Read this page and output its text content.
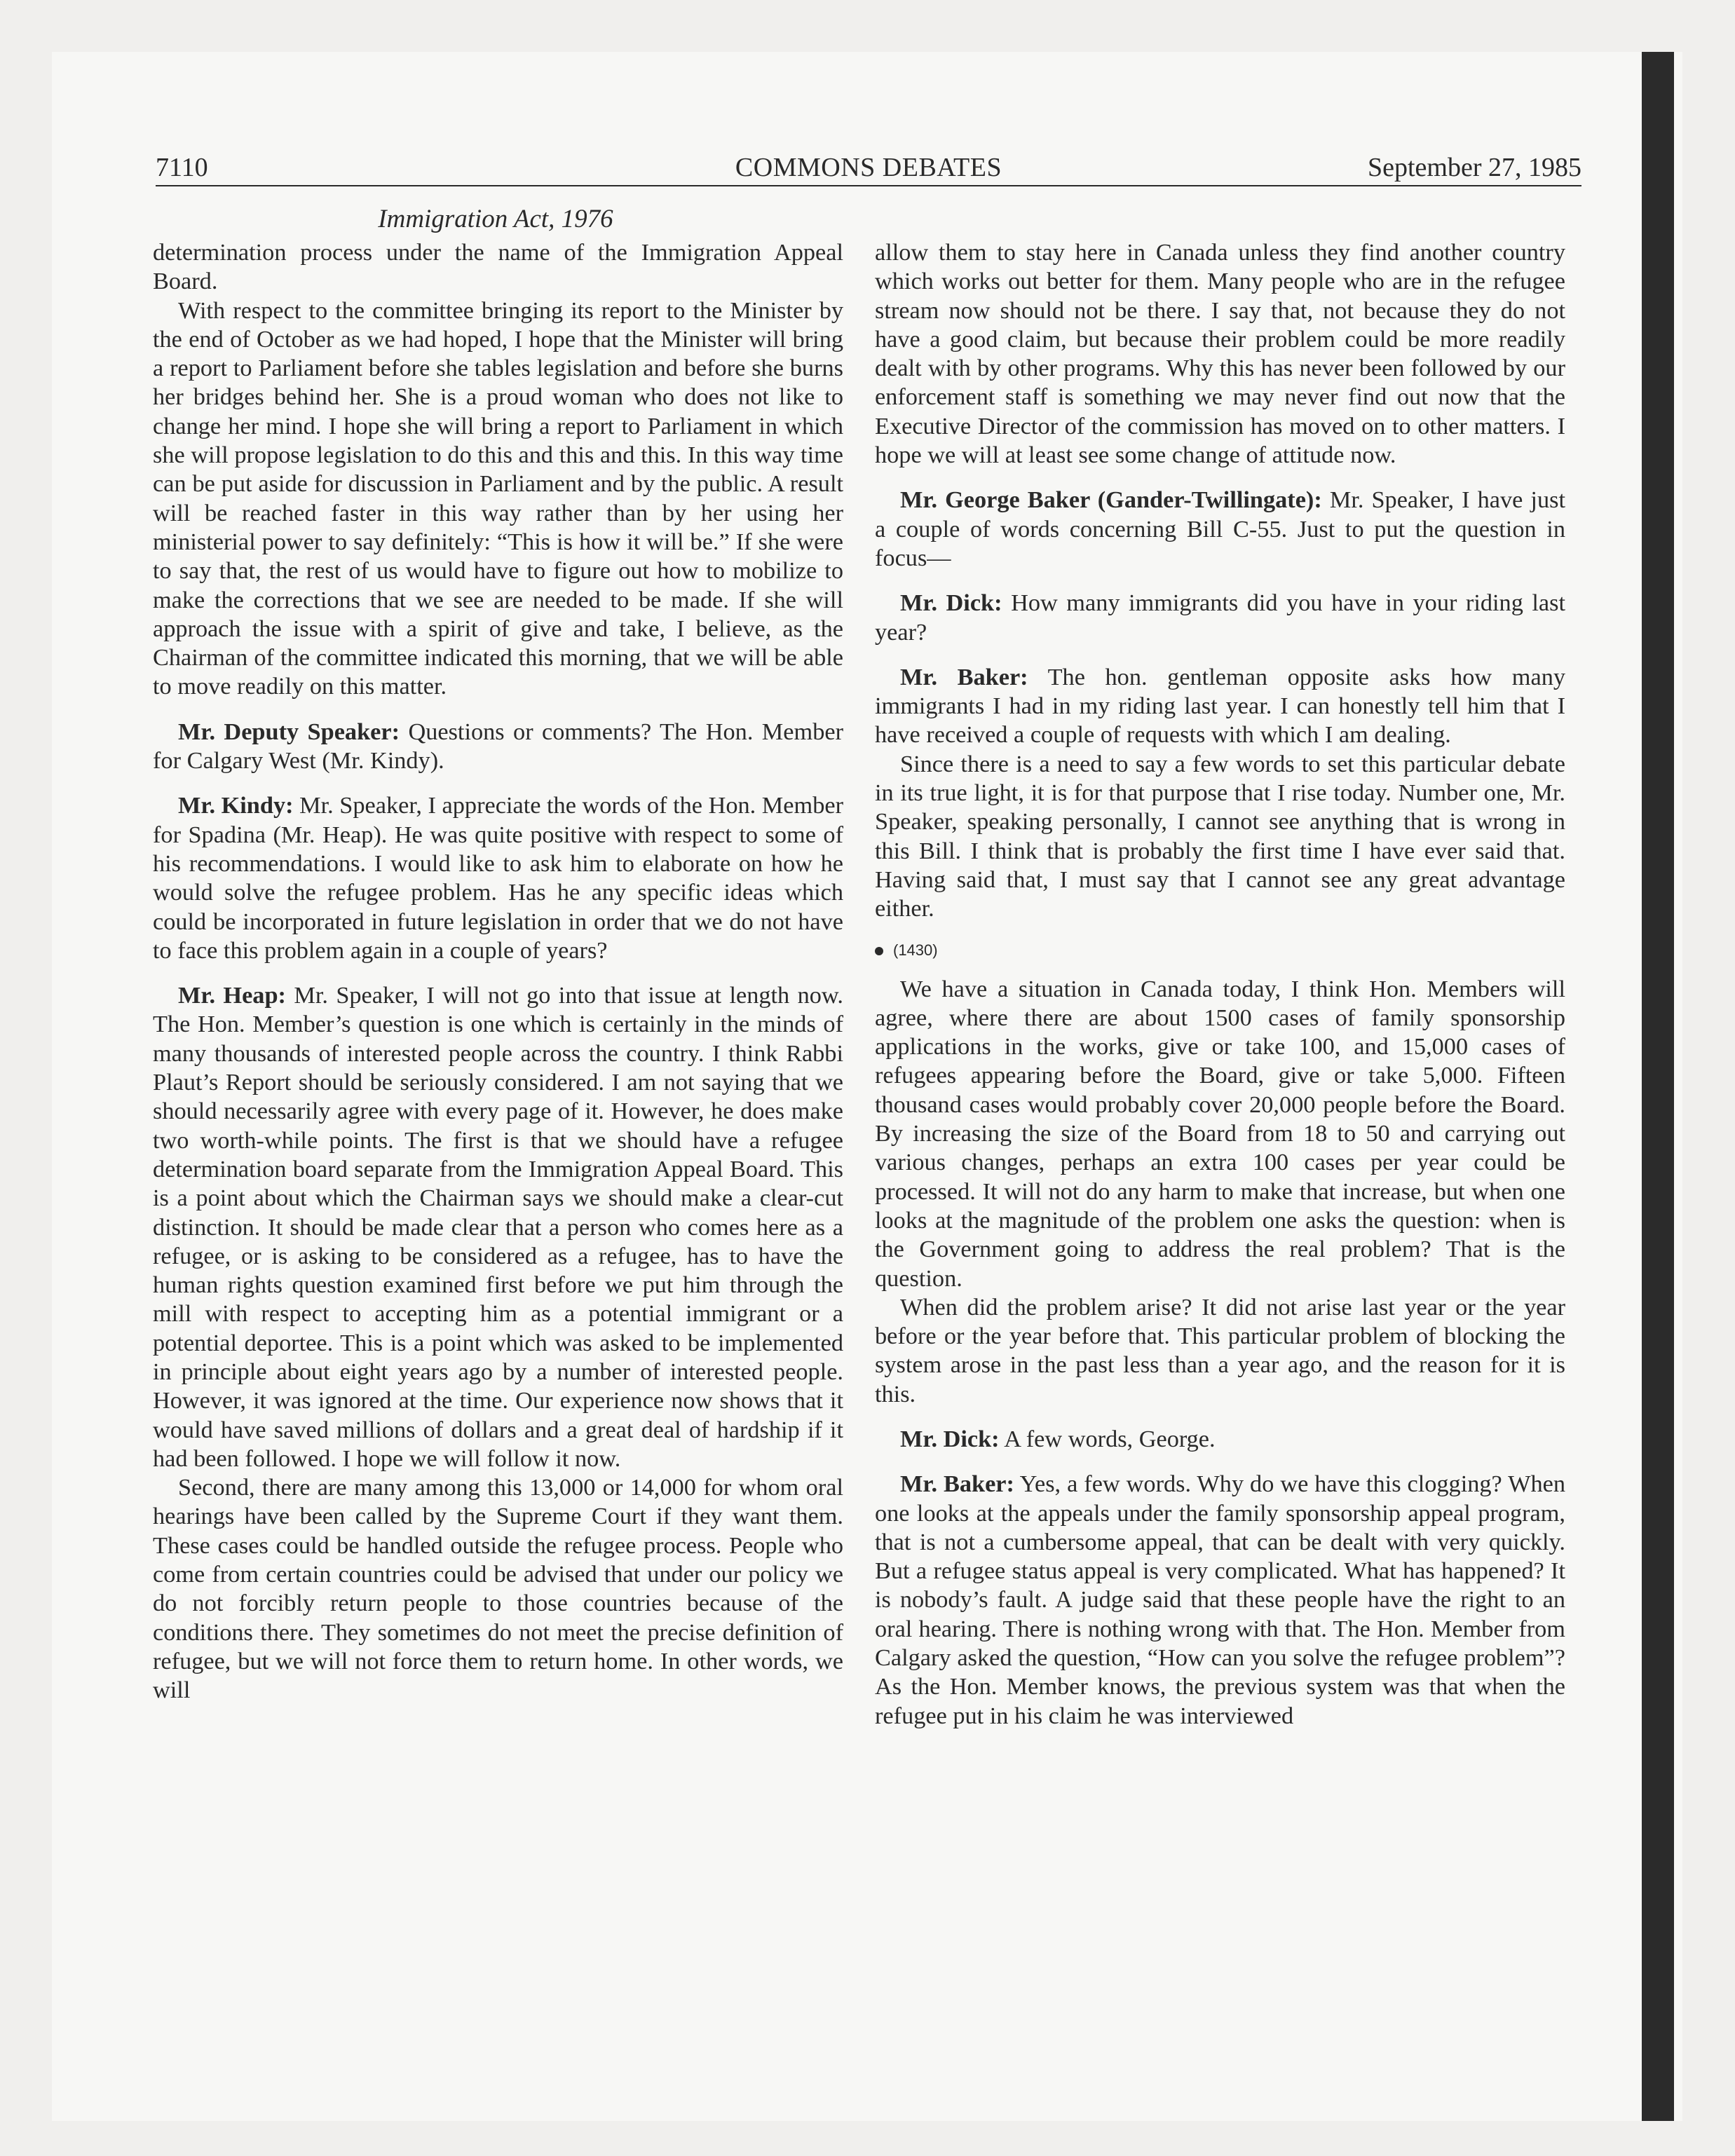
7110	COMMONS DEBATES	September 27, 1985
Immigration Act, 1976

determination process under the name of the Immigration Appeal Board.

With respect to the committee bringing its report to the Minister by the end of October as we had hoped, I hope that the Minister will bring a report to Parliament before she tables legislation and before she burns her bridges behind her. She is a proud woman who does not like to change her mind. I hope she will bring a report to Parliament in which she will propose legislation to do this and this and this. In this way time can be put aside for discussion in Parliament and by the public. A result will be reached faster in this way rather than by her using her ministerial power to say definitely: “This is how it will be.” If she were to say that, the rest of us would have to figure out how to mobilize to make the corrections that we see are needed to be made. If she will approach the issue with a spirit of give and take, I believe, as the Chairman of the committee indicated this morning, that we will be able to move readily on this matter.

Mr. Deputy Speaker: Questions or comments? The Hon. Member for Calgary West (Mr. Kindy).

Mr. Kindy: Mr. Speaker, I appreciate the words of the Hon. Member for Spadina (Mr. Heap). He was quite positive with respect to some of his recommendations. I would like to ask him to elaborate on how he would solve the refugee problem. Has he any specific ideas which could be incorporated in future legislation in order that we do not have to face this problem again in a couple of years?

Mr. Heap: Mr. Speaker, I will not go into that issue at length now. The Hon. Member’s question is one which is certainly in the minds of many thousands of interested people across the country. I think Rabbi Plaut’s Report should be seriously considered. I am not saying that we should necessarily agree with every page of it. However, he does make two worth-while points. The first is that we should have a refugee determination board separate from the Immigration Appeal Board. This is a point about which the Chairman says we should make a clear-cut distinction. It should be made clear that a person who comes here as a refugee, or is asking to be considered as a refugee, has to have the human rights question examined first before we put him through the mill with respect to accepting him as a potential immigrant or a potential deportee. This is a point which was asked to be implemented in principle about eight years ago by a number of interested people. However, it was ignored at the time. Our experience now shows that it would have saved millions of dollars and a great deal of hardship if it had been followed. I hope we will follow it now.

Second, there are many among this 13,000 or 14,000 for whom oral hearings have been called by the Supreme Court if they want them. These cases could be handled outside the refugee process. People who come from certain countries could be advised that under our policy we do not forcibly return people to those countries because of the conditions there. They sometimes do not meet the precise definition of refugee, but we will not force them to return home. In other words, we will

allow them to stay here in Canada unless they find another country which works out better for them. Many people who are in the refugee stream now should not be there. I say that, not because they do not have a good claim, but because their problem could be more readily dealt with by other programs. Why this has never been followed by our enforcement staff is something we may never find out now that the Executive Director of the commission has moved on to other matters. I hope we will at least see some change of attitude now.

Mr. George Baker (Gander-Twillingate): Mr. Speaker, I have just a couple of words concerning Bill C-55. Just to put the question in focus—

Mr. Dick: How many immigrants did you have in your riding last year?

Mr. Baker: The hon. gentleman opposite asks how many immigrants I had in my riding last year. I can honestly tell him that I have received a couple of requests with which I am dealing.

Since there is a need to say a few words to set this particular debate in its true light, it is for that purpose that I rise today. Number one, Mr. Speaker, speaking personally, I cannot see anything that is wrong in this Bill. I think that is probably the first time I have ever said that. Having said that, I must say that I cannot see any great advantage either.

(1430)

We have a situation in Canada today, I think Hon. Members will agree, where there are about 1500 cases of family sponsorship applications in the works, give or take 100, and 15,000 cases of refugees appearing before the Board, give or take 5,000. Fifteen thousand cases would probably cover 20,000 people before the Board. By increasing the size of the Board from 18 to 50 and carrying out various changes, perhaps an extra 100 cases per year could be processed. It will not do any harm to make that increase, but when one looks at the magnitude of the problem one asks the question: when is the Government going to address the real problem? That is the question.

When did the problem arise? It did not arise last year or the year before or the year before that. This particular problem of blocking the system arose in the past less than a year ago, and the reason for it is this.

Mr. Dick: A few words, George.

Mr. Baker: Yes, a few words. Why do we have this clogging? When one looks at the appeals under the family sponsorship appeal program, that is not a cumbersome appeal, that can be dealt with very quickly. But a refugee status appeal is very complicated. What has happened? It is nobody’s fault. A judge said that these people have the right to an oral hearing. There is nothing wrong with that. The Hon. Member from Calgary asked the question, “How can you solve the refugee problem”? As the Hon. Member knows, the previous system was that when the refugee put in his claim he was interviewed
